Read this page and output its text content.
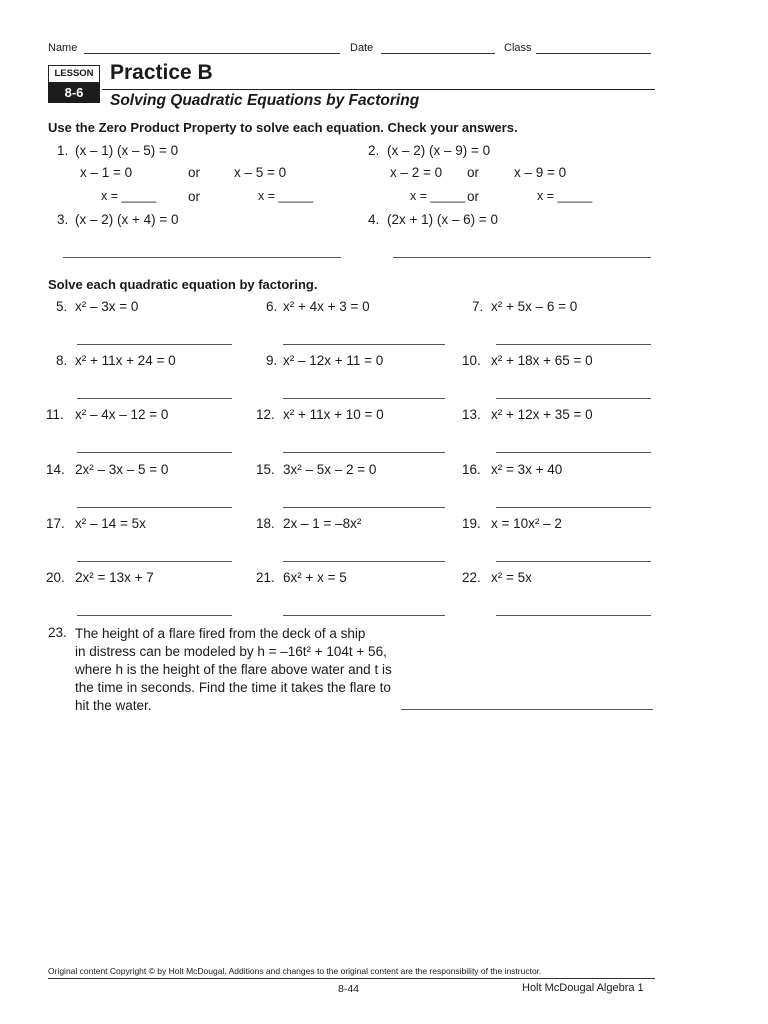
Name	Date	Class
LESSON
8-6
Practice B
Solving Quadratic Equations by Factoring
Use the Zero Product Property to solve each equation. Check your answers.
1. (x – 1) (x – 5) = 0
x – 1 = 0	or	x – 5 = 0
x = _____ or	x = _____
2. (x – 2) (x – 9) = 0
x – 2 = 0 or	x – 9 = 0
x = _____ or	x = _____
3. (x – 2) (x + 4) = 0	4. (2x + 1) (x – 6) = 0
Solve each quadratic equation by factoring.
5. x² – 3x = 0	6. x² + 4x + 3 = 0	7. x² + 5x – 6 = 0
8. x² + 11x + 24 = 0	9. x² – 12x + 11 = 0	10. x² + 18x + 65 = 0
11. x² – 4x – 12 = 0	12. x² + 11x + 10 = 0	13. x² + 12x + 35 = 0
14. 2x² – 3x – 5 = 0	15. 3x² – 5x – 2 = 0	16. x² = 3x + 40
17. x² – 14 = 5x	18. 2x – 1 = –8x²	19. x = 10x² – 2
20. 2x² = 13x + 7	21. 6x² + x = 5	22. x² = 5x
23. The height of a flare fired from the deck of a ship
in distress can be modeled by h = –16t² + 104t + 56,
where h is the height of the flare above water and t is
the time in seconds. Find the time it takes the flare to
hit the water.
Original content Copyright © by Holt McDougal. Additions and changes to the original content are the responsibility of the instructor.
8-44	Holt McDougal Algebra 1
